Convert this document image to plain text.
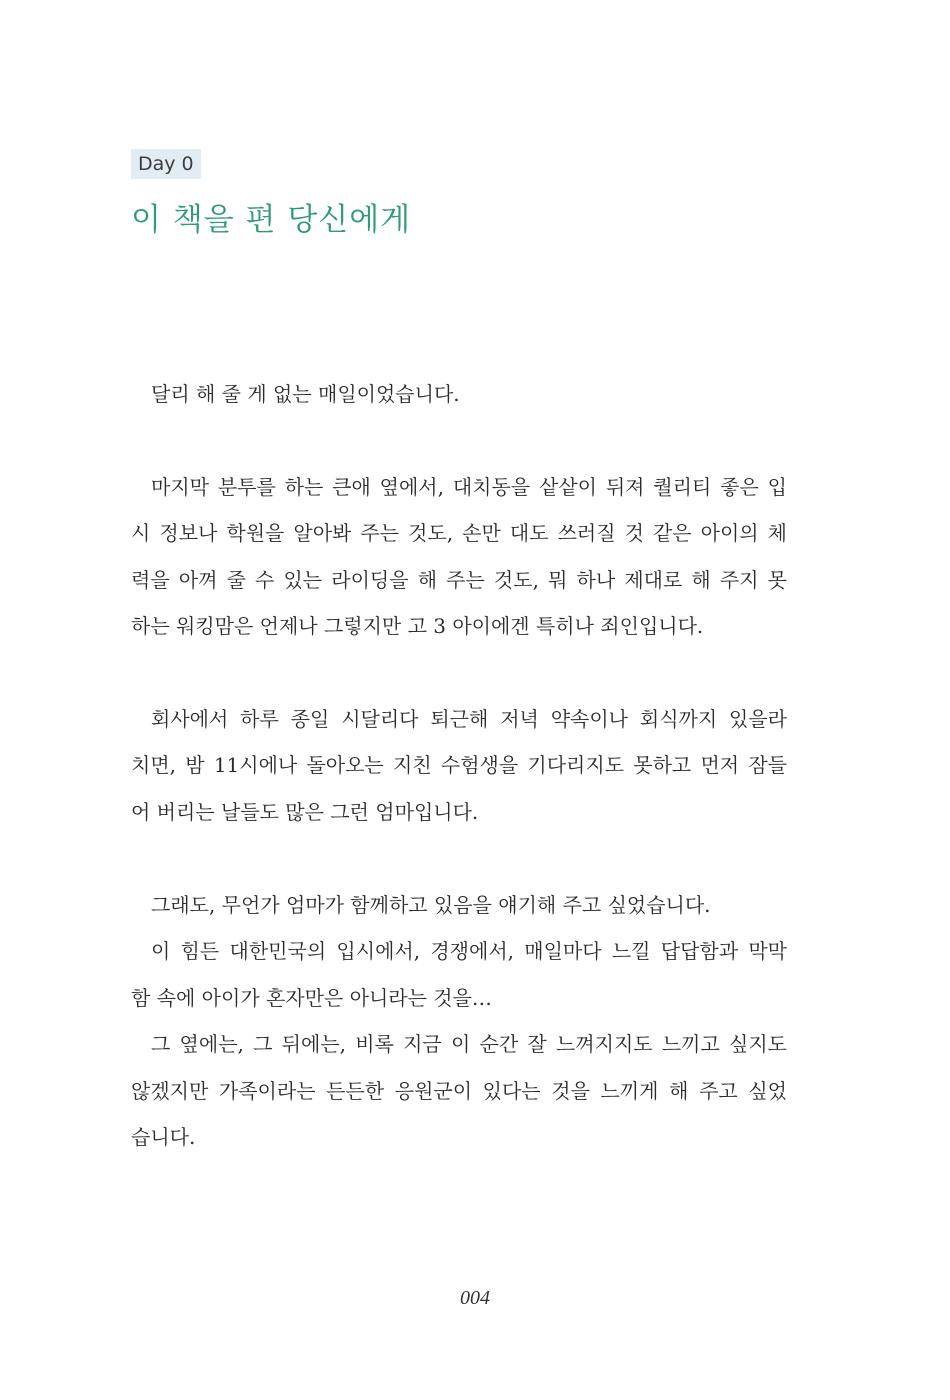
Day 0
이 책을 편 당신에게
달리 해 줄 게 없는 매일이었습니다.
마지막 분투를 하는 큰애 옆에서, 대치동을 샅샅이 뒤져 퀄리티 좋은 입
시 정보나 학원을 알아봐 주는 것도, 손만 대도 쓰러질 것 같은 아이의 체
력을 아껴 줄 수 있는 라이딩을 해 주는 것도, 뭐 하나 제대로 해 주지 못
하는 워킹맘은 언제나 그렇지만 고 3 아이에겐 특히나 죄인입니다.
회사에서 하루 종일 시달리다 퇴근해 저녁 약속이나 회식까지 있을라
치면, 밤 11시에나 돌아오는 지친 수험생을 기다리지도 못하고 먼저 잠들
어 버리는 날들도 많은 그런 엄마입니다.
그래도, 무언가 엄마가 함께하고 있음을 얘기해 주고 싶었습니다.
이 힘든 대한민국의 입시에서, 경쟁에서, 매일마다 느낄 답답함과 막막
함 속에 아이가 혼자만은 아니라는 것을…
그 옆에는, 그 뒤에는, 비록 지금 이 순간 잘 느껴지지도 느끼고 싶지도
않겠지만 가족이라는 든든한 응원군이 있다는 것을 느끼게 해 주고 싶었
습니다.
004
